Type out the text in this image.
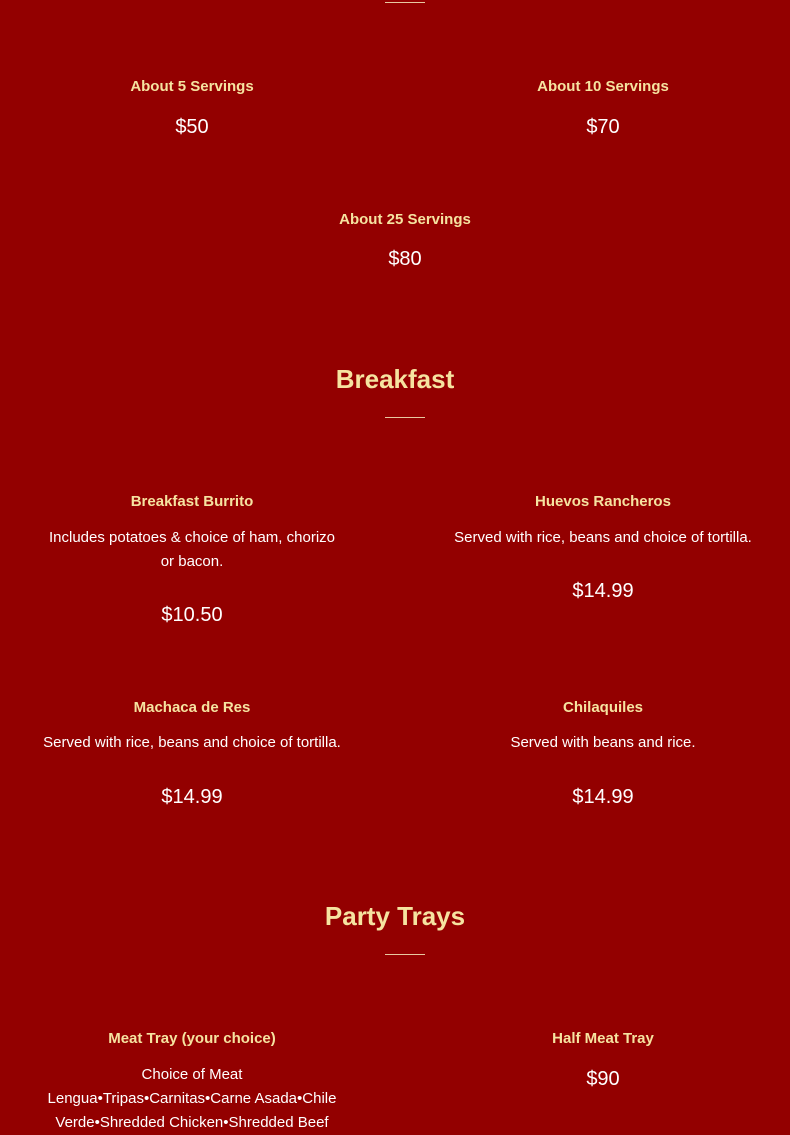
About 5 Servings

$50

About 10 Servings

$70

About 25 Servings

$80

Breakfast

Breakfast Burrito

Includes potatoes & choice of ham, chorizo or bacon.

$10.50

Huevos Rancheros

Served with rice, beans and choice of tortilla.

$14.99

Machaca de Res

Served with rice, beans and choice of tortilla.

$14.99

Chilaquiles

Served with beans and rice.

$14.99

Party Trays

Meat Tray (your choice)

Choice of Meat

Lengua•Tripas•Carnitas•Carne Asada•Chile Verde•Shredded Chicken•Shredded Beef

Half Meat Tray

$90
